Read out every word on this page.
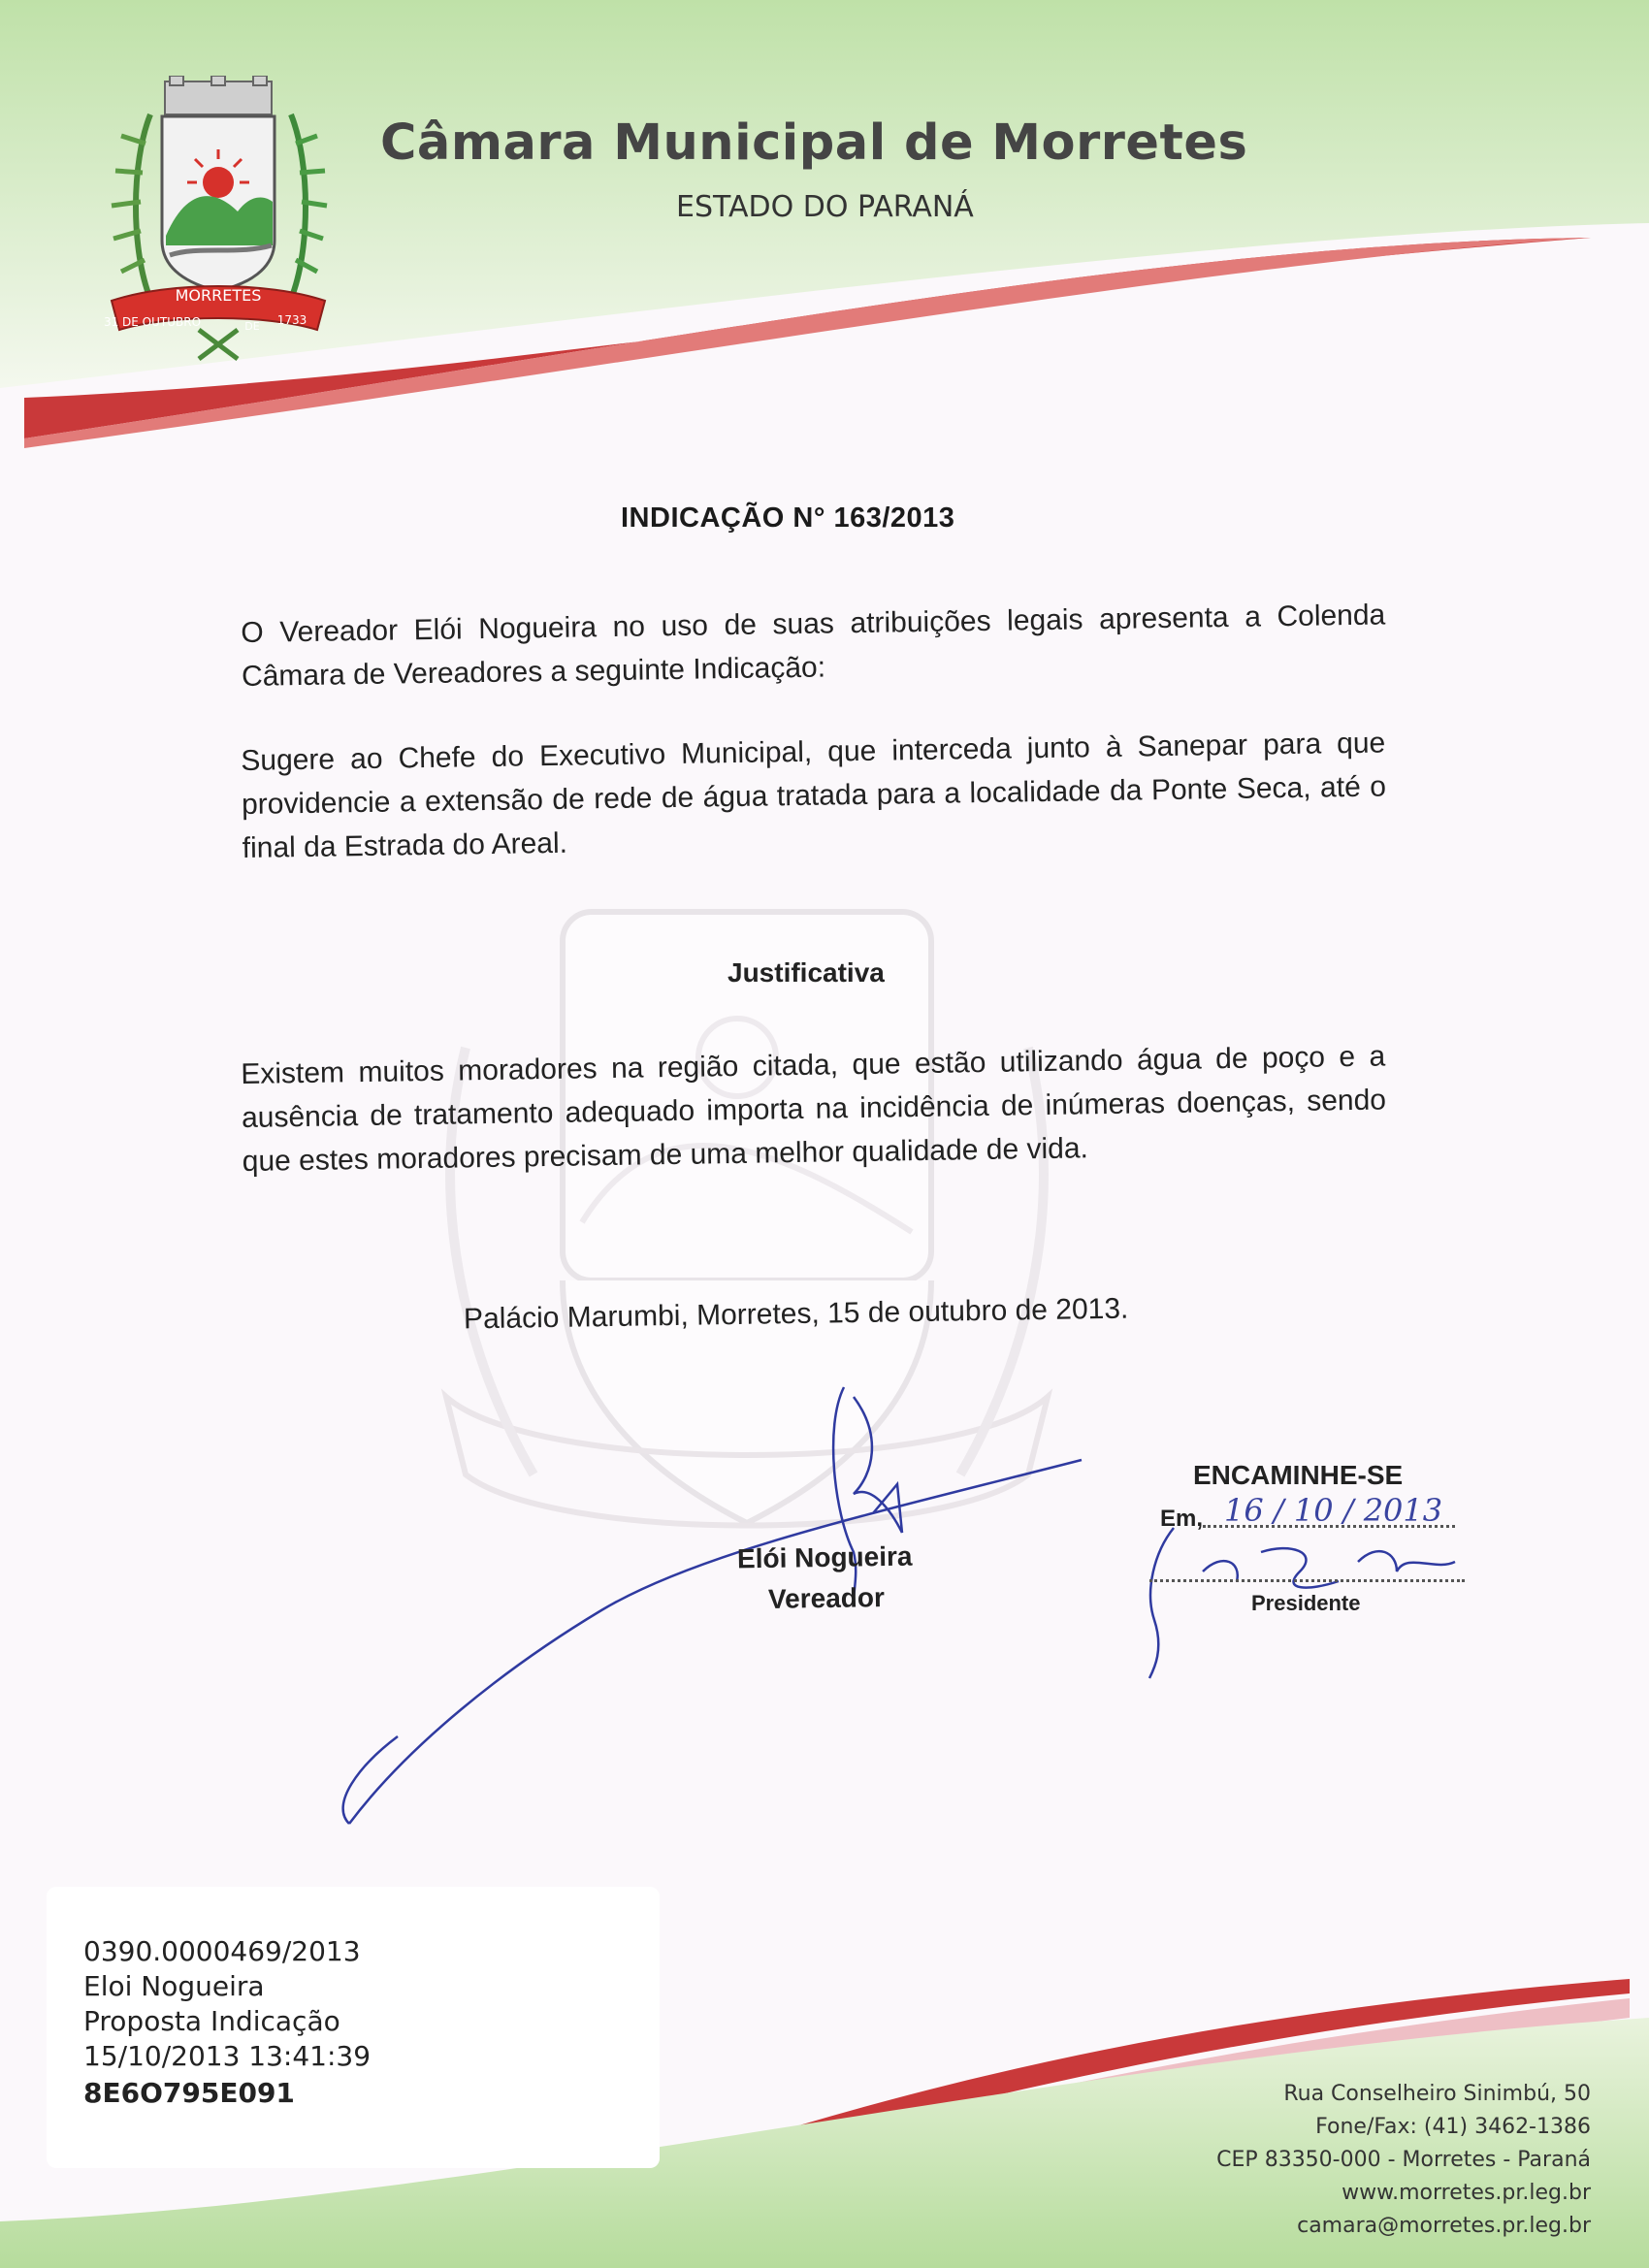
MORRETES
31 DE OUTUBRO	DE 1733
Câmara Municipal de Morretes
ESTADO DO PARANÁ
INDICAÇÃO N° 163/2013
O Vereador Elói Nogueira no uso de suas atribuições legais apresenta a Colenda Câmara de Vereadores a seguinte Indicação:
Sugere ao Chefe do Executivo Municipal, que interceda junto à Sanepar para que providencie a extensão de rede de água tratada para a localidade da Ponte Seca, até o final da Estrada do Areal.
Justificativa
Existem muitos moradores na região citada, que estão utilizando água de poço e a ausência de tratamento adequado importa na incidência de inúmeras doenças, sendo que estes moradores precisam de uma melhor qualidade de vida.
Palácio Marumbi, Morretes, 15 de outubro de 2013.
Elói Nogueira
Vereador
ENCAMINHE-SE
Em, 16 / 10 / 2013
Presidente
0390.0000469/2013
Eloi Nogueira
Proposta Indicação
15/10/2013 13:41:39
8E6O795E091	Rua Conselheiro Sinimbú, 50
Fone/Fax: (41) 3462-1386
CEP 83350-000 - Morretes - Paraná
www.morretes.pr.leg.br
camara@morretes.pr.leg.br
